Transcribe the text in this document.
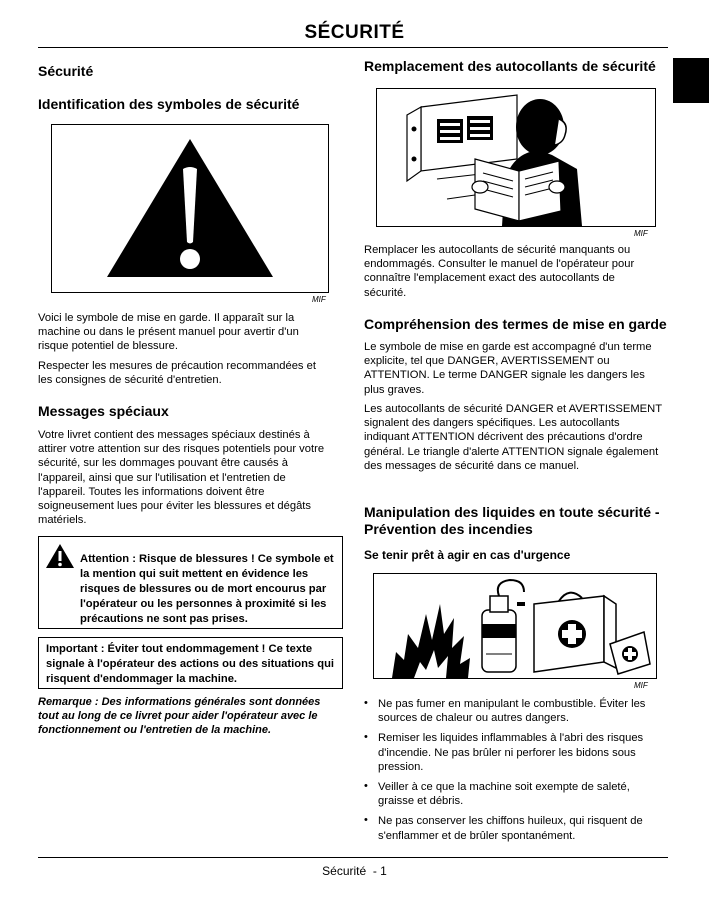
SÉCURITÉ
Sécurité
Identification des symboles de sécurité
MIF

Voici le symbole de mise en garde. Il apparaît sur la machine ou dans le présent manuel pour avertir d'un risque potentiel de blessure.

Respecter les mesures de précaution recommandées et les consignes de sécurité d'entretien.

Messages spéciaux

Votre livret contient des messages spéciaux destinés à attirer votre attention sur des risques potentiels pour votre sécurité, sur les dommages pouvant être causés à l'appareil, ainsi que sur l'utilisation et l'entretien de l'appareil. Toutes les informations doivent être soigneusement lues pour éviter les blessures et dégâts matériels.

Attention : Risque de blessures ! Ce symbole et la mention qui suit mettent en évidence les risques de blessures ou de mort encourus par l'opérateur ou les personnes à proximité si les précautions ne sont pas prises.

Important : Éviter tout endommagement ! Ce texte signale à l'opérateur des actions ou des situations qui risquent d'endommager la machine.

Remarque : Des informations générales sont données tout au long de ce livret pour aider l'opérateur avec le fonctionnement ou l'entretien de la machine.

Remplacement des autocollants de sécurité
MIF

Remplacer les autocollants de sécurité manquants ou endommagés. Consulter le manuel de l'opérateur pour connaître l'emplacement exact des autocollants de sécurité.

Compréhension des termes de mise en garde

Le symbole de mise en garde est accompagné d'un terme explicite, tel que DANGER, AVERTISSEMENT ou ATTENTION. Le terme DANGER signale les dangers les plus graves.

Les autocollants de sécurité DANGER et AVERTISSEMENT signalent des dangers spécifiques. Les autocollants indiquant ATTENTION décrivent des précautions d'ordre général. Le triangle d'alerte ATTENTION signale également des messages de sécurité dans ce manuel.

Manipulation des liquides en toute sécurité - Prévention des incendies
Se tenir prêt à agir en cas d'urgence
MIF
• Ne pas fumer en manipulant le combustible. Éviter les sources de chaleur ou autres dangers.

• Remiser les liquides inflammables à l'abri des risques d'incendie. Ne pas brûler ni perforer les bidons sous pression.

• Veiller à ce que la machine soit exempte de saleté, graisse et débris.

• Ne pas conserver les chiffons huileux, qui risquent de s'enflammer et de brûler spontanément.

Sécurité  - 1
